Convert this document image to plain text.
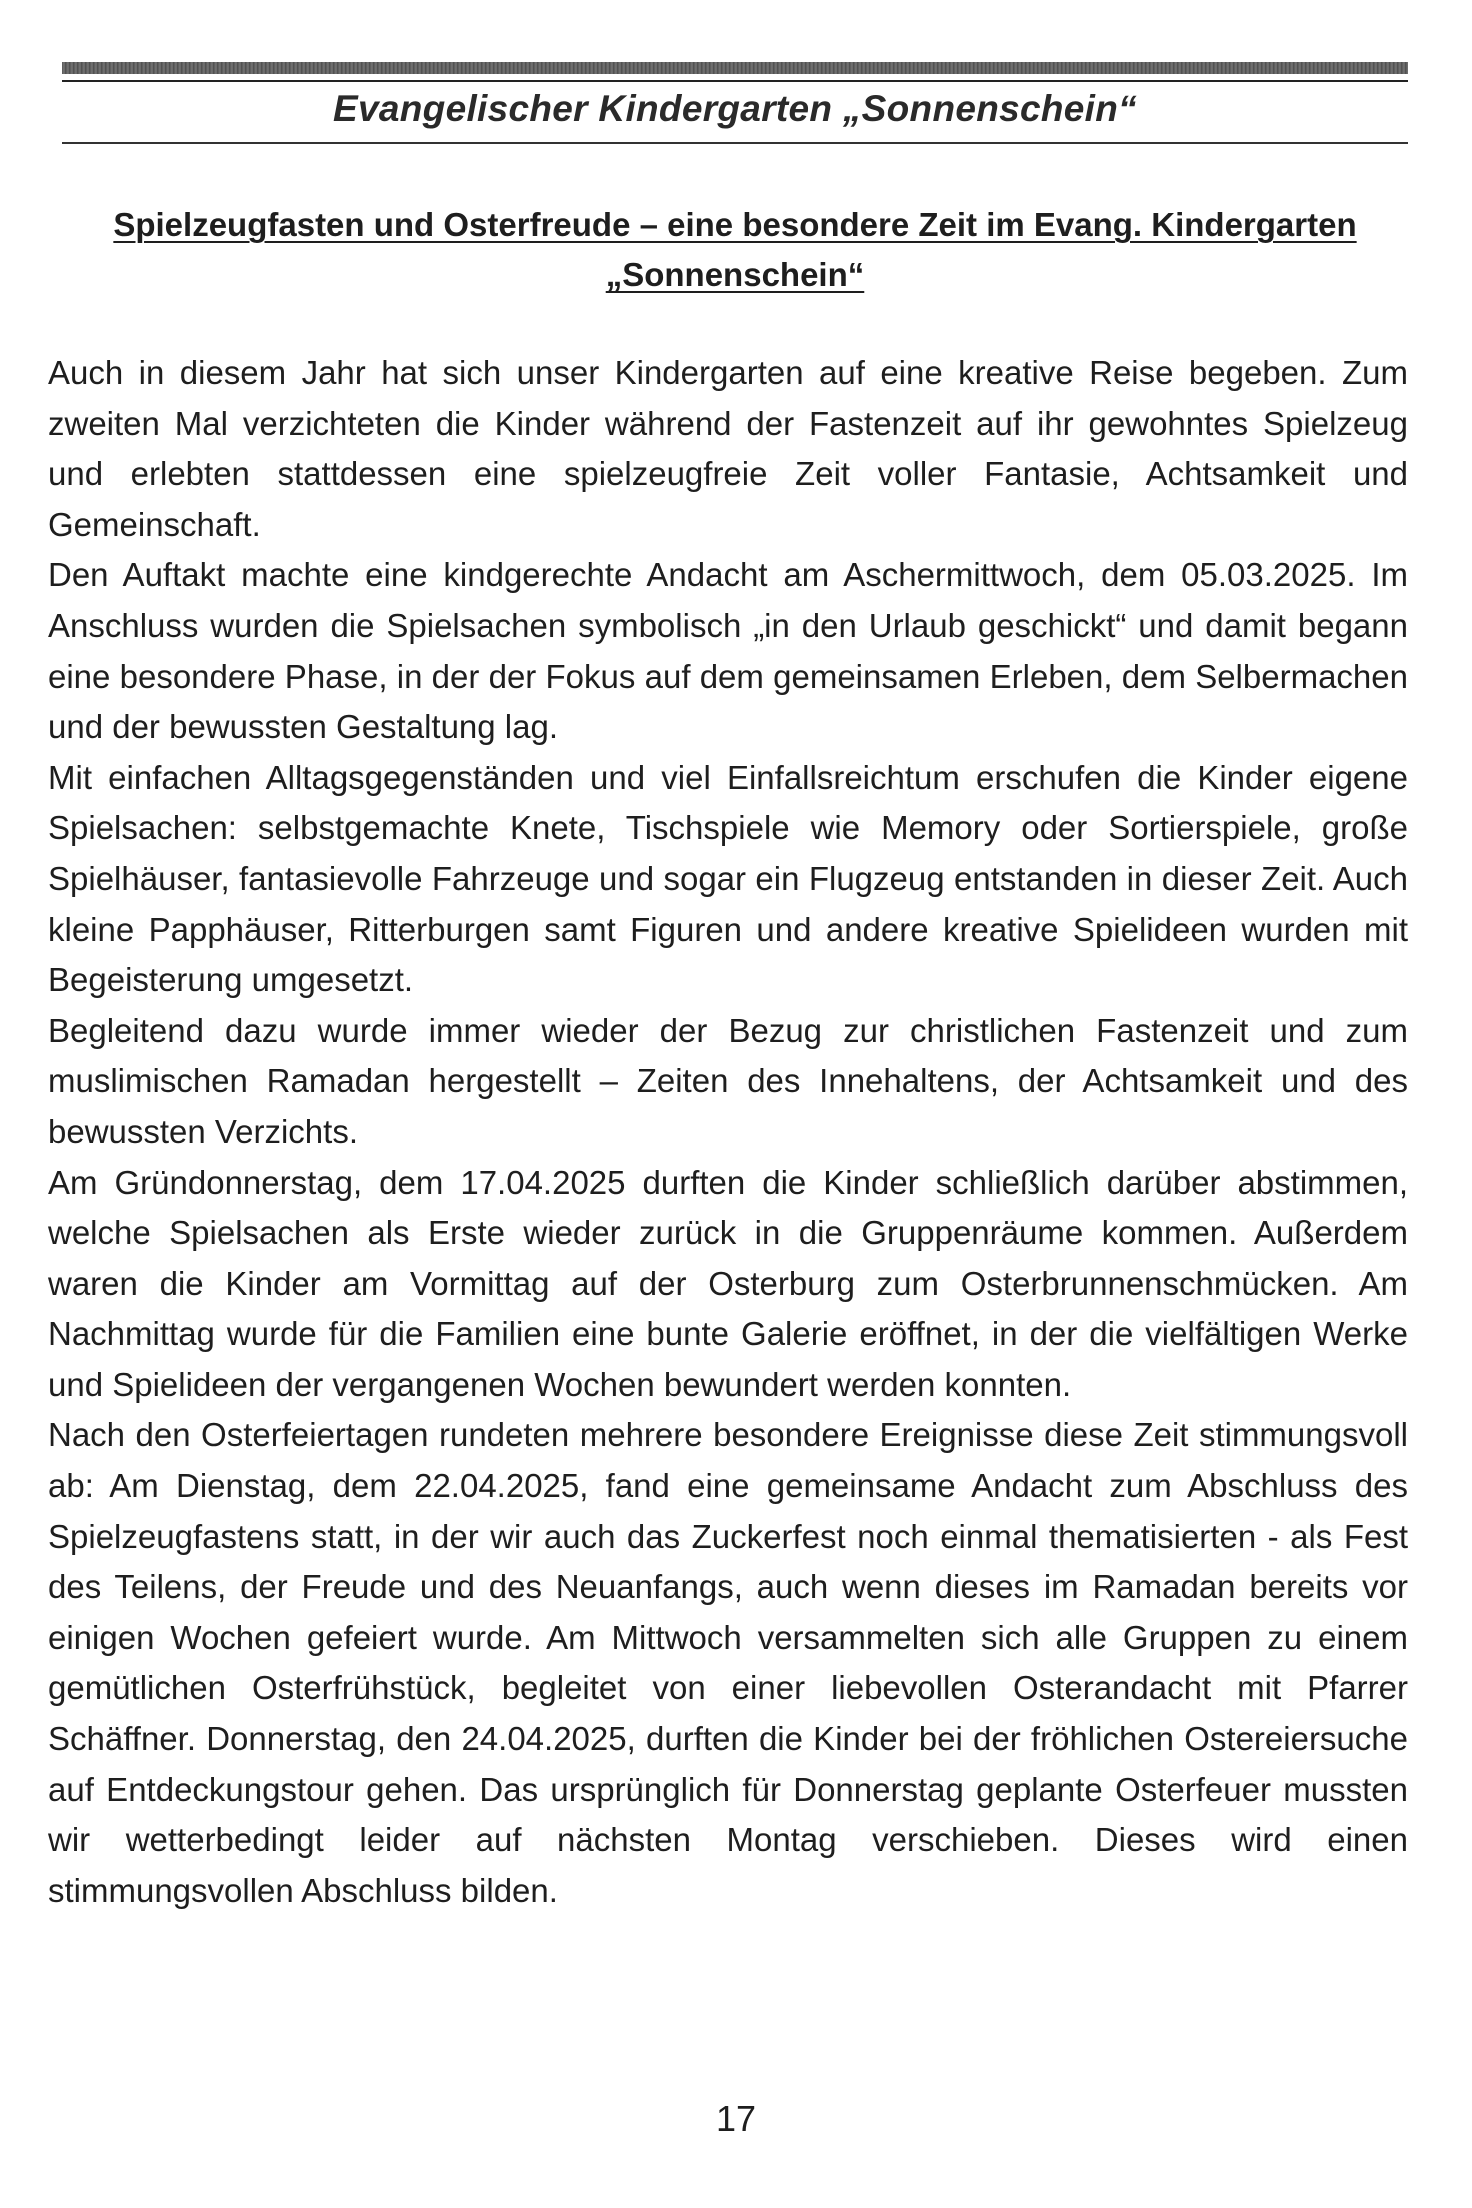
Evangelischer Kindergarten „Sonnenschein“
Spielzeugfasten und Osterfreude – eine besondere Zeit im Evang. Kindergarten
„Sonnenschein“

Auch in diesem Jahr hat sich unser Kindergarten auf eine kreative Reise begeben. Zum zweiten Mal verzichteten die Kinder während der Fastenzeit auf ihr gewohntes Spielzeug und erlebten stattdessen eine spielzeugfreie Zeit voller Fantasie, Achtsamkeit und Gemeinschaft.

Den Auftakt machte eine kindgerechte Andacht am Aschermittwoch, dem 05.03.2025. Im Anschluss wurden die Spielsachen symbolisch „in den Urlaub geschickt“ und damit begann eine besondere Phase, in der der Fokus auf dem gemeinsamen Erleben, dem Selbermachen und der bewussten Gestaltung lag.

Mit einfachen Alltagsgegenständen und viel Einfallsreichtum erschufen die Kinder eigene Spielsachen: selbstgemachte Knete, Tischspiele wie Memory oder Sortierspiele, große Spielhäuser, fantasievolle Fahrzeuge und sogar ein Flugzeug entstanden in dieser Zeit. Auch kleine Papphäuser, Ritterburgen samt Figuren und andere kreative Spielideen wurden mit Begeisterung umgesetzt.

Begleitend dazu wurde immer wieder der Bezug zur christlichen Fastenzeit und zum muslimischen Ramadan hergestellt – Zeiten des Innehaltens, der Achtsamkeit und des bewussten Verzichts.

Am Gründonnerstag, dem 17.04.2025 durften die Kinder schließlich darüber abstimmen, welche Spielsachen als Erste wieder zurück in die Gruppenräume kommen. Außerdem waren die Kinder am Vormittag auf der Osterburg zum Osterbrunnenschmücken. Am Nachmittag wurde für die Familien eine bunte Galerie eröffnet, in der die vielfältigen Werke und Spielideen der vergangenen Wochen bewundert werden konnten.

Nach den Osterfeiertagen rundeten mehrere besondere Ereignisse diese Zeit stimmungsvoll ab: Am Dienstag, dem 22.04.2025, fand eine gemeinsame Andacht zum Abschluss des Spielzeugfastens statt, in der wir auch das Zuckerfest noch einmal thematisierten - als Fest des Teilens, der Freude und des Neuanfangs, auch wenn dieses im Ramadan bereits vor einigen Wochen gefeiert wurde. Am Mittwoch versammelten sich alle Gruppen zu einem gemütlichen Osterfrühstück, begleitet von einer liebevollen Osterandacht mit Pfarrer Schäffner. Donnerstag, den 24.04.2025, durften die Kinder bei der fröhlichen Ostereiersuche auf Entdeckungstour gehen. Das ursprünglich für Donnerstag geplante Osterfeuer mussten wir wetterbedingt leider auf nächsten Montag verschieben. Dieses wird einen stimmungsvollen Abschluss bilden.

17
